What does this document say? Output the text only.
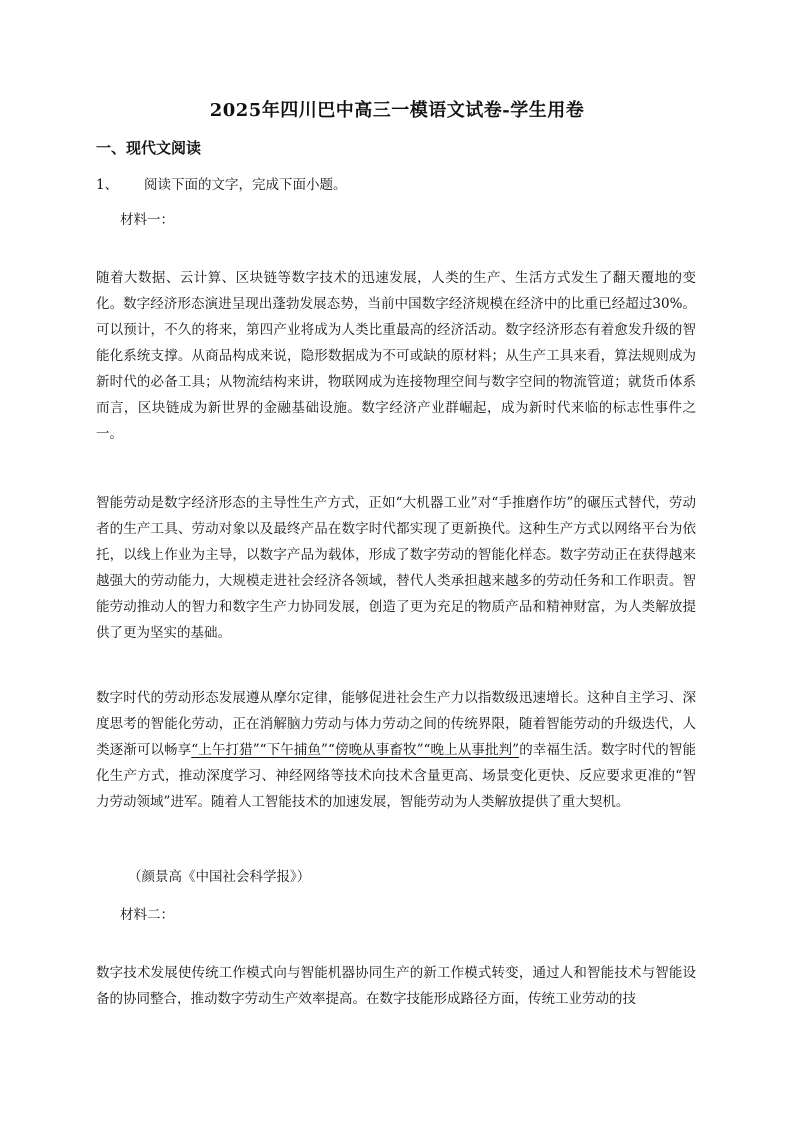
2025年四川巴中高三一模语文试卷-学生用卷
一、现代文阅读
1、 阅读下面的文字，完成下面小题。
材料一：
随着大数据、云计算、区块链等数字技术的迅速发展，人类的生产、生活方式发生了翻天覆地的变化。数字经济形态演进呈现出蓬勃发展态势，当前中国数字经济规模在经济中的比重已经超过30%。可以预计，不久的将来，第四产业将成为人类比重最高的经济活动。数字经济形态有着愈发升级的智能化系统支撑。从商品构成来说，隐形数据成为不可或缺的原材料；从生产工具来看，算法规则成为新时代的必备工具；从物流结构来讲，物联网成为连接物理空间与数字空间的物流管道；就货币体系而言，区块链成为新世界的金融基础设施。数字经济产业群崛起，成为新时代来临的标志性事件之一。
智能劳动是数字经济形态的主导性生产方式，正如“大机器工业”对“手推磨作坊”的碾压式替代，劳动者的生产工具、劳动对象以及最终产品在数字时代都实现了更新换代。这种生产方式以网络平台为依托，以线上作业为主导，以数字产品为载体，形成了数字劳动的智能化样态。数字劳动正在获得越来越强大的劳动能力，大规模走进社会经济各领域，替代人类承担越来越多的劳动任务和工作职责。智能劳动推动人的智力和数字生产力协同发展，创造了更为充足的物质产品和精神财富，为人类解放提供了更为坚实的基础。
数字时代的劳动形态发展遵从摩尔定律，能够促进社会生产力以指数级迅速增长。这种自主学习、深度思考的智能化劳动，正在消解脑力劳动与体力劳动之间的传统界限，随着智能劳动的升级迭代，人类逐渐可以畅享“上午打猎”“下午捕鱼”“傍晚从事畜牧”“晚上从事批判”的幸福生活。数字时代的智能化生产方式，推动深度学习、神经网络等技术向技术含量更高、场景变化更快、反应要求更准的“智力劳动领域”进军。随着人工智能技术的加速发展，智能劳动为人类解放提供了重大契机。
（颜景高《中国社会科学报》）
材料二：
数字技术发展使传统工作模式向与智能机器协同生产的新工作模式转变，通过人和智能技术与智能设备的协同整合，推动数字劳动生产效率提高。在数字技能形成路径方面，传统工业劳动的技
